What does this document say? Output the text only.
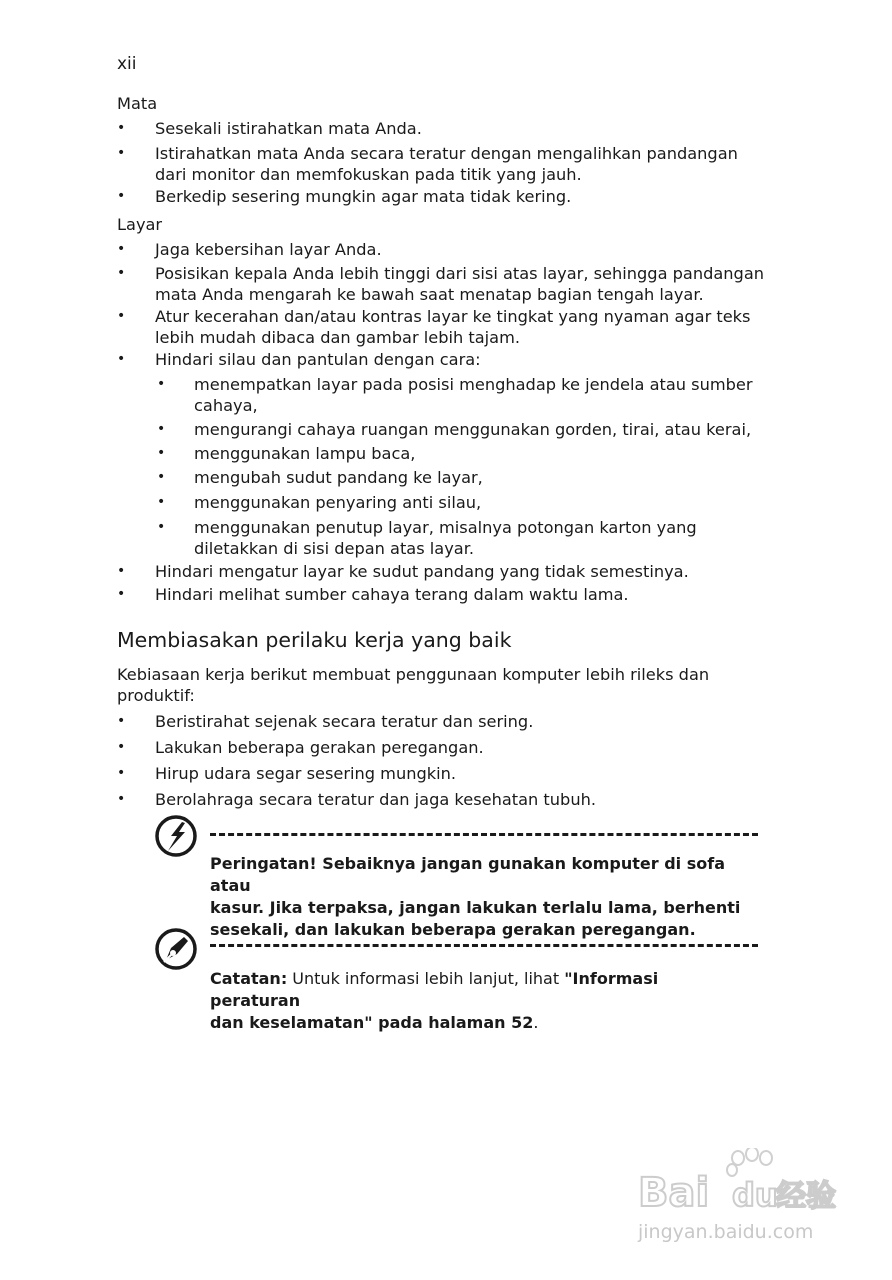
xii
Mata
• Sesekali istirahatkan mata Anda.
• Istirahatkan mata Anda secara teratur dengan mengalihkan pandangan
dari monitor dan memfokuskan pada titik yang jauh.
• Berkedip sesering mungkin agar mata tidak kering.
Layar
• Jaga kebersihan layar Anda.
• Posisikan kepala Anda lebih tinggi dari sisi atas layar, sehingga pandangan
mata Anda mengarah ke bawah saat menatap bagian tengah layar.
• Atur kecerahan dan/atau kontras layar ke tingkat yang nyaman agar teks
lebih mudah dibaca dan gambar lebih tajam.
• Hindari silau dan pantulan dengan cara:
• menempatkan layar pada posisi menghadap ke jendela atau sumber
cahaya,
• mengurangi cahaya ruangan menggunakan gorden, tirai, atau kerai,
• menggunakan lampu baca,
• mengubah sudut pandang ke layar,
• menggunakan penyaring anti silau,
• menggunakan penutup layar, misalnya potongan karton yang
diletakkan di sisi depan atas layar.
• Hindari mengatur layar ke sudut pandang yang tidak semestinya.
• Hindari melihat sumber cahaya terang dalam waktu lama.
Membiasakan perilaku kerja yang baik
Kebiasaan kerja berikut membuat penggunaan komputer lebih rileks dan
produktif:
• Beristirahat sejenak secara teratur dan sering.
• Lakukan beberapa gerakan peregangan.
• Hirup udara segar sesering mungkin.
• Berolahraga secara teratur dan jaga kesehatan tubuh.
Peringatan! Sebaiknya jangan gunakan komputer di sofa atau
kasur. Jika terpaksa, jangan lakukan terlalu lama, berhenti
sesekali, dan lakukan beberapa gerakan peregangan.
Catatan: Untuk informasi lebih lanjut, lihat "Informasi peraturan
dan keselamatan" pada halaman 52.
Bai du
经验
jingyan.baidu.com
